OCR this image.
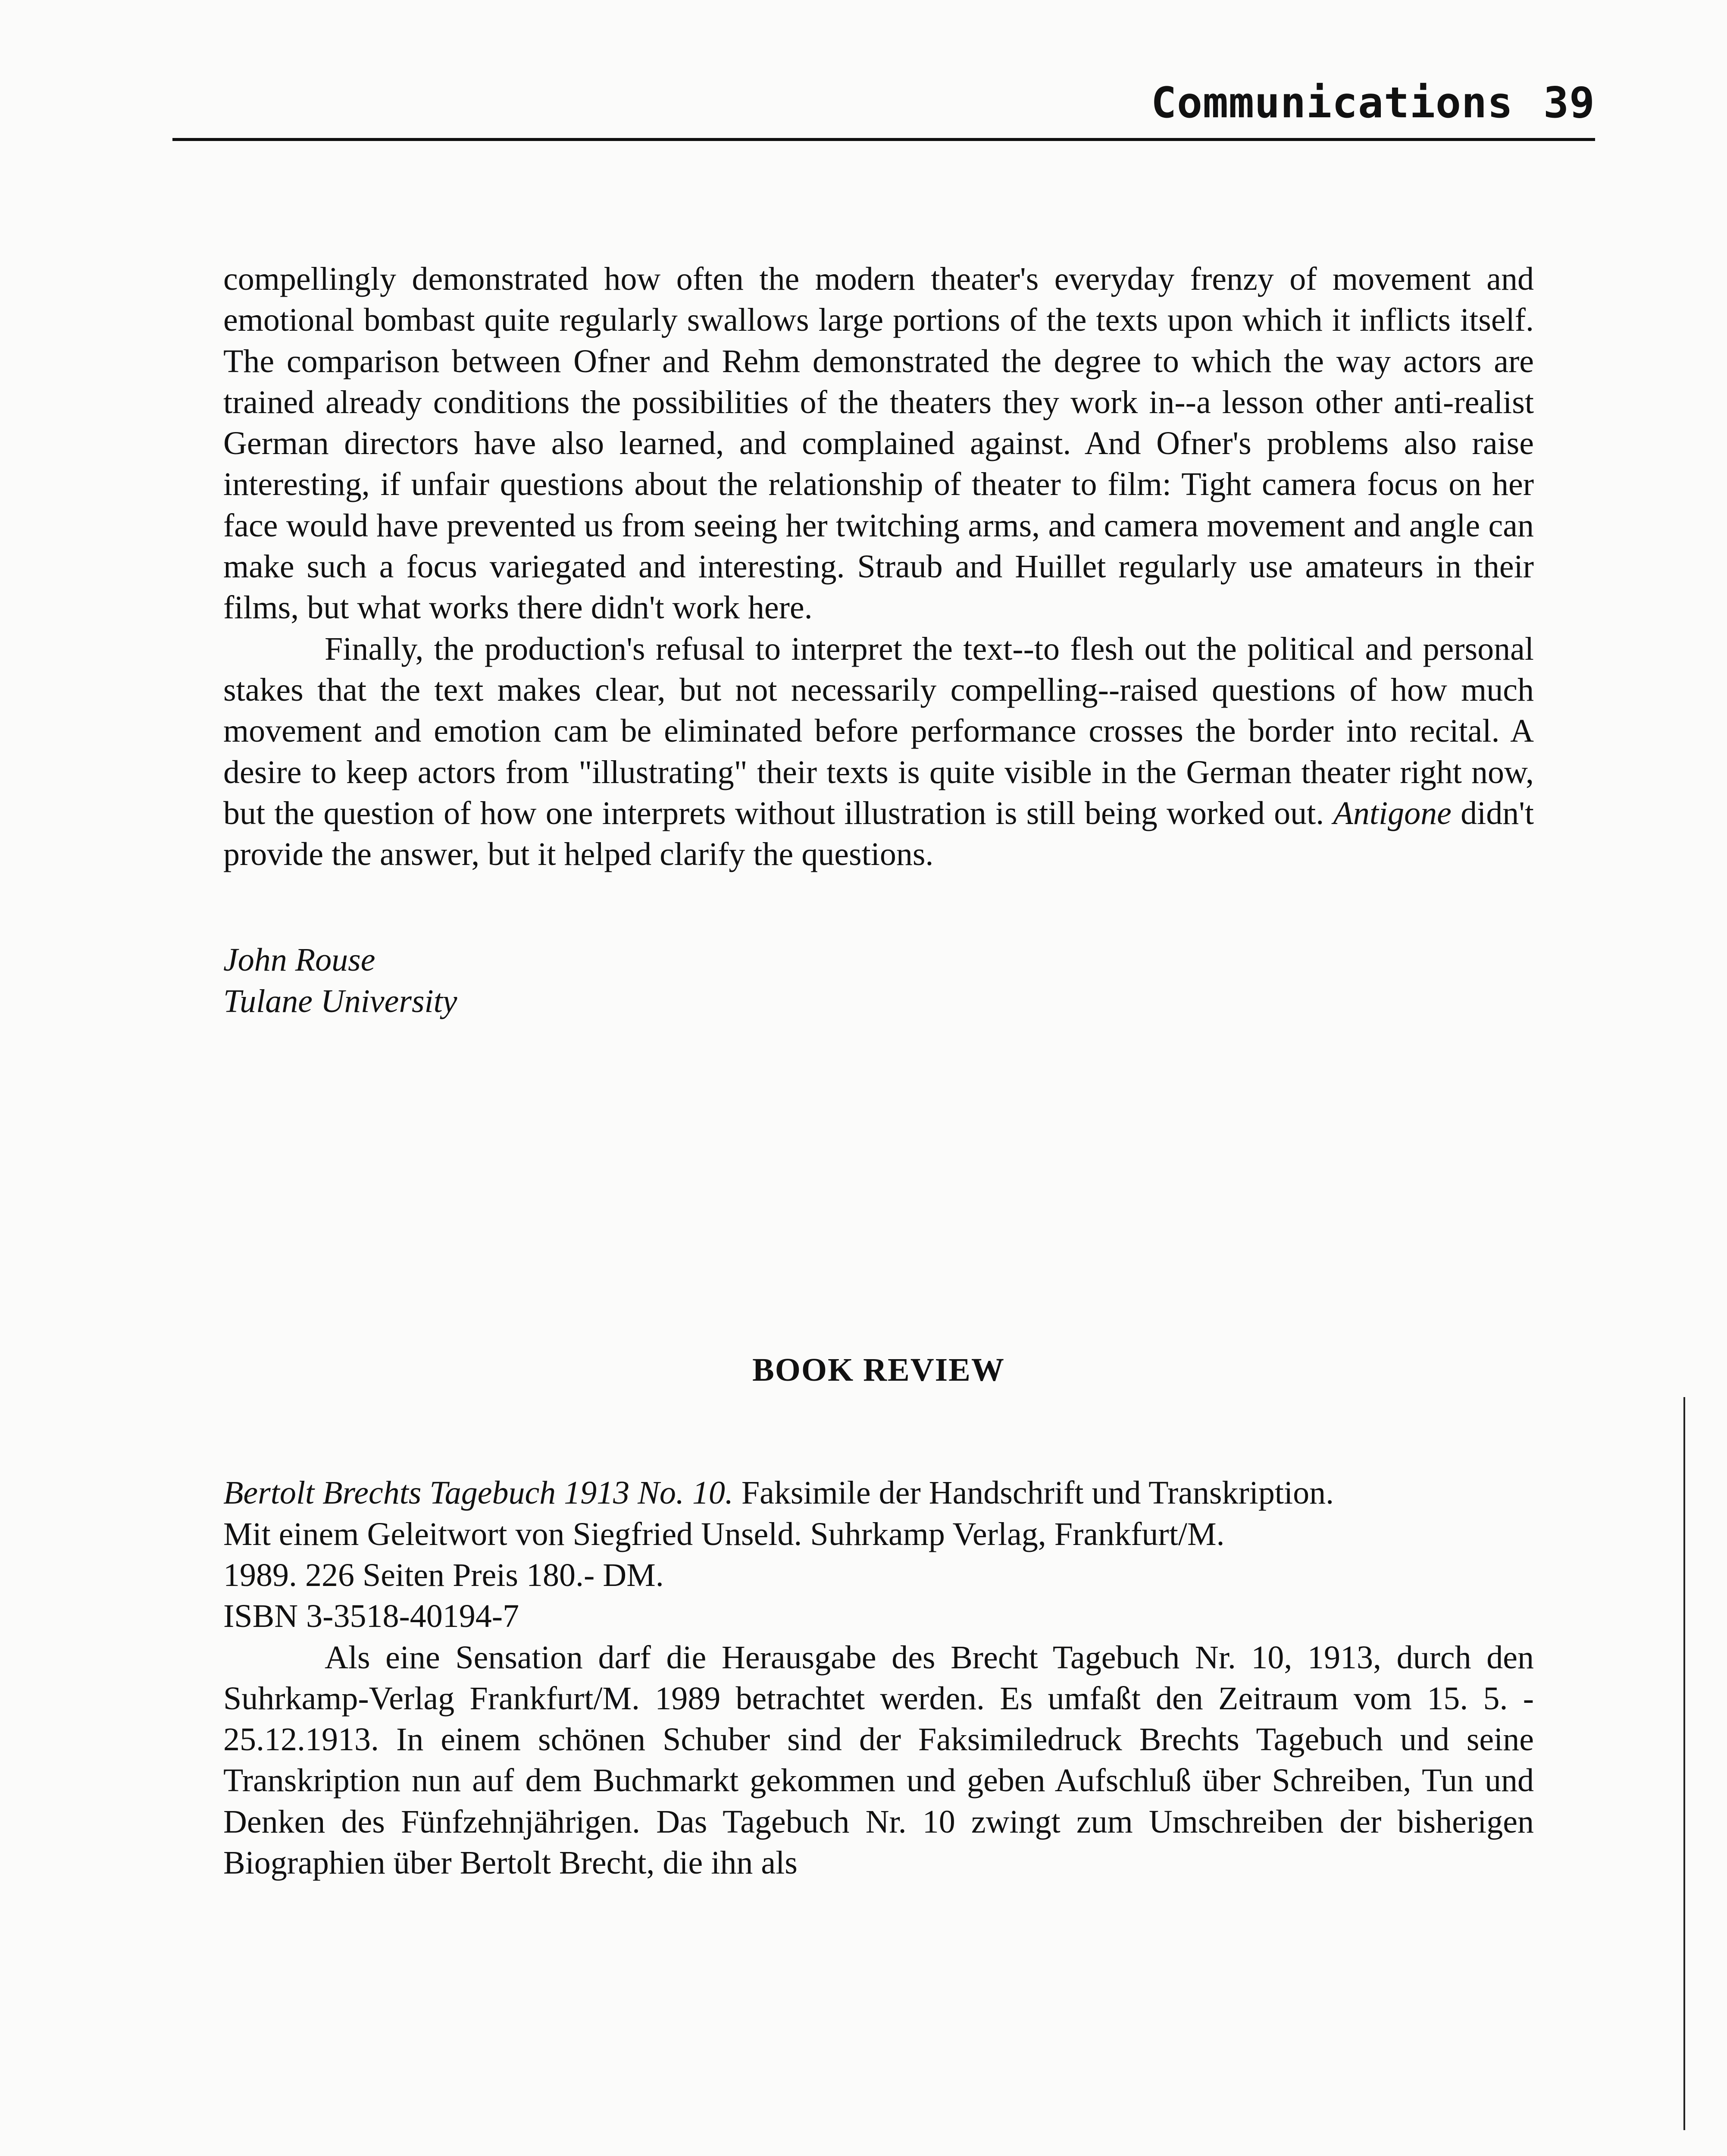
Communications 39

compellingly demonstrated how often the modern theater's everyday frenzy of movement and emotional bombast quite regularly swallows large portions of the texts upon which it inflicts itself. The comparison between Ofner and Rehm demonstrated the degree to which the way actors are trained already conditions the possibilities of the theaters they work in--a lesson other anti-realist German directors have also learned, and complained against. And Ofner's problems also raise interesting, if unfair questions about the relationship of theater to film: Tight camera focus on her face would have prevented us from seeing her twitching arms, and camera movement and angle can make such a focus variegated and interesting. Straub and Huillet regularly use amateurs in their films, but what works there didn't work here.

Finally, the production's refusal to interpret the text--to flesh out the political and personal stakes that the text makes clear, but not necessarily compelling--raised questions of how much movement and emotion cam be eliminated before performance crosses the border into recital. A desire to keep actors from "illustrating" their texts is quite visible in the German theater right now, but the question of how one interprets without illustration is still being worked out. Antigone didn't provide the answer, but it helped clarify the questions.

John Rouse
Tulane University
BOOK REVIEW
Bertolt Brechts Tagebuch 1913 No. 10. Faksimile der Handschrift und Transkription.
Mit einem Geleitwort von Siegfried Unseld. Suhrkamp Verlag, Frankfurt/M.
1989. 226 Seiten Preis 180.- DM.
ISBN 3-3518-40194-7

Als eine Sensation darf die Herausgabe des Brecht Tagebuch Nr. 10, 1913, durch den Suhrkamp-Verlag Frankfurt/M. 1989 betrachtet werden. Es umfaßt den Zeitraum vom 15. 5. - 25.12.1913. In einem schönen Schuber sind der Faksimiledruck Brechts Tagebuch und seine Transkription nun auf dem Buchmarkt gekommen und geben Aufschluß über Schreiben, Tun und Denken des Fünfzehnjährigen. Das Tagebuch Nr. 10 zwingt zum Umschreiben der bisherigen Biographien über Bertolt Brecht, die ihn als
